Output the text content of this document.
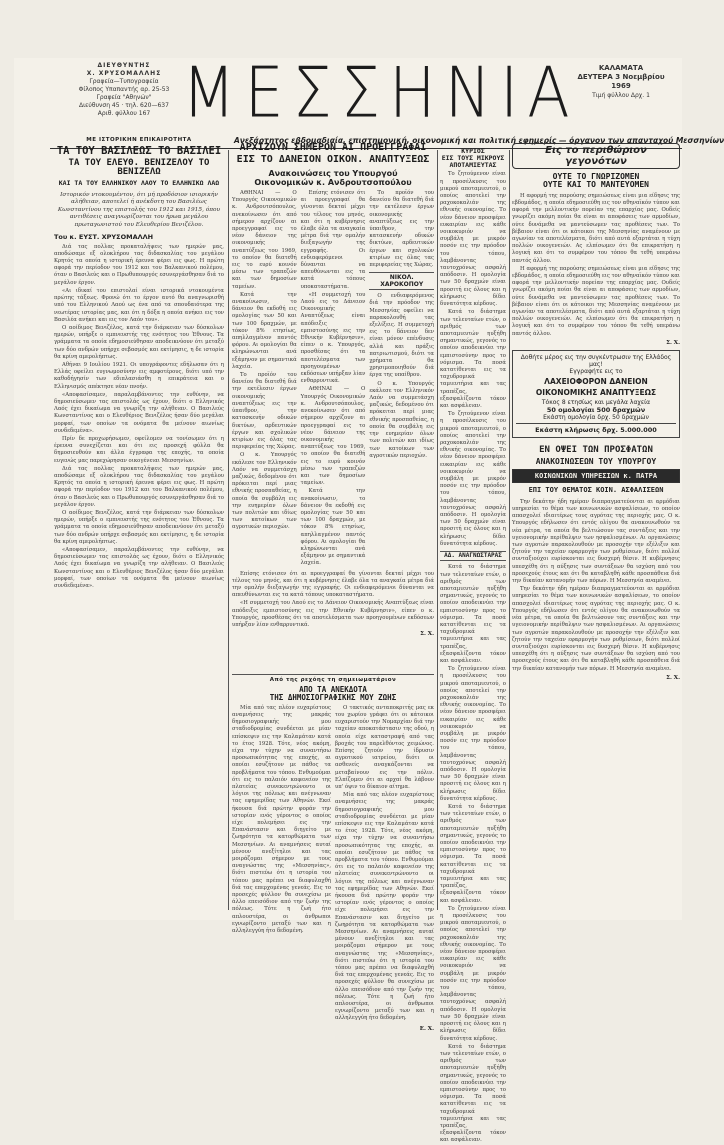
ΔΙΕΥΘΥΝΤΗΣ
Χ. ΧΡΥΣΟΜΑΛΛΗΣ
Γραφεία—Τυπογραφεία
Φίλοπος Υπαπαντής αρ. 25-53
Γραφεία "Αθηνών"
Διεύθυνση 45 · τηλ. 620—637
Αριθ. φύλλου 167 ΜΕΣΣΗΝΙΑ	ΚΑΛΑΜΑΤΑ
ΔΕΥΤΕΡΑ 3 Νοεμβρίου
1969
Τιμή φύλλου Δρχ. 1
Ανεξάρτητος εβδομαδιαία, επιστημονική, οικονομική και πολιτική εφημερίς — όργανον των απανταχού Μεσσηνίων
ΜΕ ΙΣΤΟΡΙΚΗΝ ΕΠΙΚΑΙΡΟΤΗΤΑ
ΤΑ ΤΟΥ ΒΑΣΙΛΕΩΣ ΤΟ ΒΑΣΙΛΕΙ
ΤΑ ΤΟΥ ΕΛΕΥΘ. ΒΕΝΙΖΕΛΟΥ ΤΟ ΒΕΝΙΖΕΛΩ
ΚΑΙ ΤΑ ΤΟΥ ΕΛΛΗΝΙΚΟΥ ΛΑΟΥ ΤΟ ΕΛΛΗΝΙΚΩ ΛΑΩ
Ιστορικόν ντοκουμέντον, ότι μή προδόσιον ισιορικήν αλήθειαν, αποτελεί ή ανέκδοτη του Βασιλέως Κωνσταντίνου της επιστολής του 1912 και 1915, όπου αντιθέσεις αναγνωρίζονται του ήρωα μεγάλου πρωταγωνιστού του Ελευθερίου Βενιζέλου.
Του κ. ΕΥΣΤ. ΧΡΥΣΟΜΑΛΛΗ

Διά τας πολλας προκαταλήψεις των ημερών μας, αποδώσαμε εξ ολοκλήρου τας διδασκαλίας του μεγάλου Κρητός τα οποία η ιστορική έρευνα φέρει εις φως. Η πρώτη αφορά την περίοδον του 1912 και του Βαλκανικού πολέμου, όταν ο Βασιλεύς και ο Πρωθυπουργός εσυνεργάσθησαν διά το μεγάλον έργον.

«Αι ιδικαί του επιστολαί είναι ιστορικά ντοκουμέντα πρώτης τάξεως. Φρονώ ότι το έργον αυτό θα αναγνωρισθή υπό του Ελληνικού Λαού ως ένα από τα σπουδαιότερα της νεωτέρας ιστορίας μας, και ότι η δόξα η οποία ανήκει εις τον Βασιλέα ανήκει και εις τον Λαόν του».

Ο αοίδιμος Βενιζέλος, κατά την διάρκειαν των δύσκολων ημερών, υπήρξε ο εμπνευστής της ενότητος του Έθνους. Τα γράμματα τα οποία εδημοσιεύθησαν αποδεικνύουν ότι μεταξύ των δύο ανδρών υπήρχε σεβασμός και εκτίμησις, η δε ιστορία θα κρίνη αμερολήπτως.

Αθήναι 9 Ιουλίου 1921. Οι υπογράφοντες εδήλωσαν ότι η Ελλάς οφείλει ευγνωμοσύνην εις αμφοτέρους, διότι υπό την καθοδήγησίν των εδιπλασιάσθη η επικράτεια και ο Ελληνισμός απέκτησε νέαν πνοήν.

«Αποφασίσαμεν, παραλαμβάνοντες την ευθύνην, να δημοσιεύσωμεν τας επιστολάς ως έχουν, διότι ο Ελληνικός Λαός έχει δικαίωμα να γνωρίζη την αλήθειαν. Ο Βασιλεύς Κωνσταντίνος και ο Ελευθέριος Βενιζέλος ήσαν δύο μεγάλαι μορφαί, των οποίων τα ονόματα θα μείνουν αιωνίως συνδεδεμένα».

Πρίν δε προχωρήσωμεν, οφείλομεν να τονίσωμεν ότι η έρευνα συνεχίζεται και ότι εις προσεχή φύλλα θα δημοσιευθούν και άλλα έγγραφα της εποχής, τα οποία ευγενώς μας παρεχώρησαν οικογένειαι Μεσσηνίων.

Διά τας πολλας προκαταλήψεις των ημερών μας, αποδώσαμε εξ ολοκλήρου τας διδασκαλίας του μεγάλου Κρητός τα οποία η ιστορική έρευνα φέρει εις φως. Η πρώτη αφορά την περίοδον του 1912 και του Βαλκανικού πολέμου, όταν ο Βασιλεύς και ο Πρωθυπουργός εσυνεργάσθησαν διά το μεγάλον έργον.

Ο αοίδιμος Βενιζέλος, κατά την διάρκειαν των δύσκολων ημερών, υπήρξε ο εμπνευστής της ενότητος του Έθνους. Τα γράμματα τα οποία εδημοσιεύθησαν αποδεικνύουν ότι μεταξύ των δύο ανδρών υπήρχε σεβασμός και εκτίμησις, η δε ιστορία θα κρίνη αμερολήπτως.

«Αποφασίσαμεν, παραλαμβάνοντες την ευθύνην, να δημοσιεύσωμεν τας επιστολάς ως έχουν, διότι ο Ελληνικός Λαός έχει δικαίωμα να γνωρίζη την αλήθειαν. Ο Βασιλεύς Κωνσταντίνος και ο Ελευθέριος Βενιζέλος ήσαν δύο μεγάλαι μορφαί, των οποίων τα ονόματα θα μείνουν αιωνίως συνδεδεμένα».

ΑΡΧΙΖΟΥΝ ΣΗΜΕΡΟΝ ΑΙ ΠΡΟΕΓΓΡΑΦΑΙ
ΕΙΣ ΤΟ ΔΑΝΕΙΟΝ ΟΙΚΟΝ. ΑΝΑΠΤΥΞΕΩΣ
Ανακοινώσεις του Υπουργού
Οικονομικών κ. Ανδρουτσοπούλου

ΑΘΗΝΑΙ — Ο Υπουργός Οικονομικών κ. Ανδρουτσόπουλος, ανεκοίνωσεν ότι από σήμερον αρχίζουν αι προεγγραφαί εις το νέον δάνειον της οικονομικής αναπτύξεως του 1969, το οποίον θα διατεθή εις το ευρύ κοινόν μέσω των τραπεζών και των δημοσίων ταμείων.

Κατά την ανακοίνωσιν, το δάνειον θα εκδοθή εις ομολογίας των 50 και των 100 δραχμών, με τόκον 8% ετησίως, απηλλαγμένον παντός φόρου. Αι ομολογίαι θα κληρώνωνται ανά εξάμηνον με σημαντικά λαχεία.

Το προϊόν του δανείου θα διατεθή διά την εκτέλεσιν έργων οικονομικής αναπτύξεως εις την ύπαιθρον, την κατασκευήν οδικών δικτύων, αρδευτικών έργων και σχολικών κτιρίων εις όλας τας περιφερείας της Χώρας.

Ο κ. Υπουργός εκάλεσε τον Ελληνικόν Λαόν να συμμετάσχη μαζικώς, δεδομένου ότι πρόκειται περί μιας εθνικής προσπαθείας, η οποία θα συμβάλη εις την ευημερίαν όλων των πολιτών και ιδίως των κατοίκων των αγροτικών περιοχών.

Επίσης ετόνισεν ότι αι προεγγραφαί θα γίνονται δεκταί μέχρι του τέλους του μηνός, και ότι η κυβέρνησις έλαβε όλα τα αναγκαία μέτρα διά την ομαλήν διεξαγωγήν της εγγραφής. Οι ενδιαφερόμενοι δύνανται να απευθύνωνται εις τα κατά τόπους υποκαταστήματα.

«Η συμμετοχή του Λαού εις το Δάνειον Οικονομικής Αναπτύξεως είναι απόδειξις εμπιστοσύνης εις την Εθνικήν Κυβέρνησιν», είπεν ο κ. Υπουργός, προσθέσας ότι τα αποτελέσματα των προηγουμένων εκδόσεων υπήρξαν λίαν ενθαρρυντικά.

ΑΘΗΝΑΙ — Ο Υπουργός Οικονομικών κ. Ανδρουτσόπουλος, ανεκοίνωσεν ότι από σήμερον αρχίζουν αι προεγγραφαί εις το νέον δάνειον της οικονομικής αναπτύξεως του 1969, το οποίον θα διατεθή εις το ευρύ κοινόν μέσω των τραπεζών και των δημοσίων ταμείων.

Κατά την ανακοίνωσιν, το δάνειον θα εκδοθή εις ομολογίας των 50 και των 100 δραχμών, με τόκον 8% ετησίως, απηλλαγμένον παντός φόρου. Αι ομολογίαι θα κληρώνωνται ανά εξάμηνον με σημαντικά λαχεία.

Το προϊόν του δανείου θα διατεθή διά την εκτέλεσιν έργων οικονομικής αναπτύξεως εις την ύπαιθρον, την κατασκευήν οδικών δικτύων, αρδευτικών έργων και σχολικών κτιρίων εις όλας τας περιφερείας της Χώρας.

ΝΙΚΟΛ. ΧΑΡΟΚΟΠΟΥ

Ο ενδιαφερόμενος διά την πρόοδον της Μεσσηνίας οφείλει να παρακολουθή τας εξελίξεις. Η συμμετοχή εις το δάνειον δεν είναι μόνον επένδυσις αλλά και πράξις πατριωτισμού, διότι τα χρήματα θα χρησιμοποιηθούν διά έργα της υπαίθρου.

Ο κ. Υπουργός εκάλεσε τον Ελληνικόν Λαόν να συμμετάσχη μαζικώς, δεδομένου ότι πρόκειται περί μιας εθνικής προσπαθείας, η οποία θα συμβάλη εις την ευημερίαν όλων των πολιτών και ιδίως των κατοίκων των αγροτικών περιοχών.

Επίσης ετόνισεν ότι αι προεγγραφαί θα γίνονται δεκταί μέχρι του τέλους του μηνός, και ότι η κυβέρνησις έλαβε όλα τα αναγκαία μέτρα διά την ομαλήν διεξαγωγήν της εγγραφής. Οι ενδιαφερόμενοι δύνανται να απευθύνωνται εις τα κατά τόπους υποκαταστήματα.

«Η συμμετοχή του Λαού εις το Δάνειον Οικονομικής Αναπτύξεως είναι απόδειξις εμπιστοσύνης εις την Εθνικήν Κυβέρνησιν», είπεν ο κ. Υπουργός, προσθέσας ότι τα αποτελέσματα των προηγουμένων εκδόσεων υπήρξαν λίαν ενθαρρυντικά.

Σ. Χ.
ΚΥΡΙΟΣ
ΕΙΣ ΤΟΥΣ ΜΙΚΡΟΥΣ
ΑΠΟΤΑΜΙΕΥΤΑΣ

Το ζητούμενον είναι η προσέλκυσις του μικρού αποταμιευτού, ο οποίος αποτελεί την ραχοκοκαλιάν της εθνικής οικονομίας. Το νέον δάνειον προσφέρει ευκαιρίαν εις κάθε νοικοκυριόν να συμβάλη με μικρόν ποσόν εις την πρόοδον του τόπου, λαμβάνοντας ταυτοχρόνως ασφαλή απόδοσιν. Η ομολογία των 50 δραχμών είναι προσιτή εις όλους και η κλήρωσις δίδει δυνατότητα κέρδους.

Κατά το διάστημα των τελευταίων ετών, ο αριθμός των αποταμιευτών ηυξήθη σημαντικώς, γεγονός το οποίον αποδεικνύει την εμπιστοσύνην προς το νόμισμα. Τα ποσά κατατίθενται εις τα ταχυδρομικά ταμιευτήρια και τας τραπέζας, εξασφαλίζοντα τόκον και ασφάλειαν.

Το ζητούμενον είναι η προσέλκυσις του μικρού αποταμιευτού, ο οποίος αποτελεί την ραχοκοκαλιάν της εθνικής οικονομίας. Το νέον δάνειον προσφέρει ευκαιρίαν εις κάθε νοικοκυριόν να συμβάλη με μικρόν ποσόν εις την πρόοδον του τόπου, λαμβάνοντας ταυτοχρόνως ασφαλή απόδοσιν. Η ομολογία των 50 δραχμών είναι προσιτή εις όλους και η κλήρωσις δίδει δυνατότητα κέρδους.

ΑΔ. ΑΝΑΓΝΩΣΤΑΡΑΣ

Κατά το διάστημα των τελευταίων ετών, ο αριθμός των αποταμιευτών ηυξήθη σημαντικώς, γεγονός το οποίον αποδεικνύει την εμπιστοσύνην προς το νόμισμα. Τα ποσά κατατίθενται εις τα ταχυδρομικά ταμιευτήρια και τας τραπέζας, εξασφαλίζοντα τόκον και ασφάλειαν.

Το ζητούμενον είναι η προσέλκυσις του μικρού αποταμιευτού, ο οποίος αποτελεί την ραχοκοκαλιάν της εθνικής οικονομίας. Το νέον δάνειον προσφέρει ευκαιρίαν εις κάθε νοικοκυριόν να συμβάλη με μικρόν ποσόν εις την πρόοδον του τόπου, λαμβάνοντας ταυτοχρόνως ασφαλή απόδοσιν. Η ομολογία των 50 δραχμών είναι προσιτή εις όλους και η κλήρωσις δίδει δυνατότητα κέρδους.

Κατά το διάστημα των τελευταίων ετών, ο αριθμός των αποταμιευτών ηυξήθη σημαντικώς, γεγονός το οποίον αποδεικνύει την εμπιστοσύνην προς το νόμισμα. Τα ποσά κατατίθενται εις τα ταχυδρομικά ταμιευτήρια και τας τραπέζας, εξασφαλίζοντα τόκον και ασφάλειαν.

Το ζητούμενον είναι η προσέλκυσις του μικρού αποταμιευτού, ο οποίος αποτελεί την ραχοκοκαλιάν της εθνικής οικονομίας. Το νέον δάνειον προσφέρει ευκαιρίαν εις κάθε νοικοκυριόν να συμβάλη με μικρόν ποσόν εις την πρόοδον του τόπου, λαμβάνοντας ταυτοχρόνως ασφαλή απόδοσιν. Η ομολογία των 50 δραχμών είναι προσιτή εις όλους και η κλήρωσις δίδει δυνατότητα κέρδους.

Κατά το διάστημα των τελευταίων ετών, ο αριθμός των αποταμιευτών ηυξήθη σημαντικώς, γεγονός το οποίον αποδεικνύει την εμπιστοσύνην προς το νόμισμα. Τα ποσά κατατίθενται εις τα ταχυδρομικά ταμιευτήρια και τας τραπέζας, εξασφαλίζοντα τόκον και ασφάλειαν.

Εις το περιθώριον γεγονότων
ΟΥΤΕ ΤΟ ΓΝΩΡΙΖΟΜΕΝ
ΟΥΤΕ ΚΑΙ ΤΟ ΜΑΝΤΕΥΟΜΕΝ

Η αφορμή της παρούσης σημειώσεως είναι μια είδησις της εβδομάδος, η οποία εδημοσιεύθη εις τον αθηναϊκόν τύπον και αφορά την μελλοντικήν πορείαν της επαρχίας μας. Ουδείς γνωρίζει ακόμη ποίαι θα είναι αι αποφάσεις των αρμοδίων, ούτε δυνάμεθα να μαντεύσωμεν τας προθέσεις των. Το βέβαιον είναι ότι οι κάτοικοι της Μεσσηνίας αναμένουν με αγωνίαν τα αποτελέσματα, διότι από αυτά εξαρτάται η τύχη πολλών οικογενειών. Ας ελπίσωμεν ότι θα επικρατήση η λογική και ότι το συμφέρον του τόπου θα τεθή υπεράνω παντός άλλου.

Η αφορμή της παρούσης σημειώσεως είναι μια είδησις της εβδομάδος, η οποία εδημοσιεύθη εις τον αθηναϊκόν τύπον και αφορά την μελλοντικήν πορείαν της επαρχίας μας. Ουδείς γνωρίζει ακόμη ποίαι θα είναι αι αποφάσεις των αρμοδίων, ούτε δυνάμεθα να μαντεύσωμεν τας προθέσεις των. Το βέβαιον είναι ότι οι κάτοικοι της Μεσσηνίας αναμένουν με αγωνίαν τα αποτελέσματα, διότι από αυτά εξαρτάται η τύχη πολλών οικογενειών. Ας ελπίσωμεν ότι θα επικρατήση η λογική και ότι το συμφέρον του τόπου θα τεθή υπεράνω παντός άλλου.

Σ. Χ.
Δοθήτε μέρος εις την συγκέντρωσιν της Ελλάδος μας!
Εγγραφήτε εις το
ΛΑΧΕΙΟΦΟΡΟΝ ΔΑΝΕΙΟΝ
ΟΙΚΟΝΟΜΙΚΗΣ ΑΝΑΠΤΥΞΕΩΣ
Τόκος 8 ετησίως και μεγάλα λαχεία
50 ομολογίαι 500 δραχμών
Εκάστη ομολογία δρχ. 50 δραχμών
Εκάστη κλήρωσις δρχ. 5.000.000
ΕΝ ΟΨΕΙ ΤΩΝ ΠΡΟΣΦΑΤΩΝ
ΑΝΑΚΟΙΝΩΣΕΩΝ ΤΟΥ ΥΠΟΥΡΓΟΥ
ΚΟΙΝΩΝΙΚΩΝ ΥΠΗΡΕΣΙΩΝ κ. ΠΑΤΡΑ
ΕΠΙ ΤΟΥ ΘΕΜΑΤΟΣ ΚΟΙΝ. ΑΣΦΑΛΙΣΕΩΝ

Την δεκάτην ήδη ημέραν διαπραγματεύονται αι αρμόδιαι υπηρεσίαι το θέμα των κοινωνικών ασφαλίσεων, το οποίον απασχολεί ιδιαιτέρως τους αγρότας της περιοχής μας. Ο κ. Υπουργός εδήλωσεν ότι εντός ολίγου θα ανακοινωθούν τα νέα μέτρα, τα οποία θα βελτιώσουν τας συντάξεις και την υγειονομικήν περίθαλψιν των ησφαλισμένων. Αι οργανώσεις των αγροτών παρακολουθούν με προσοχήν την εξέλιξιν και ζητούν την ταχείαν εφαρμογήν των ρυθμίσεων, διότι πολλοί συνταξιούχοι ευρίσκονται εις δυσχερή θέσιν. Η κυβέρνησις υπεσχέθη ότι η αύξησις των συντάξεων θα ισχύση από του προσεχούς έτους και ότι θα καταβληθή κάθε προσπάθεια διά την δικαίαν κατανομήν των πόρων. Η Μεσσηνία αναμένει.

Την δεκάτην ήδη ημέραν διαπραγματεύονται αι αρμόδιαι υπηρεσίαι το θέμα των κοινωνικών ασφαλίσεων, το οποίον απασχολεί ιδιαιτέρως τους αγρότας της περιοχής μας. Ο κ. Υπουργός εδήλωσεν ότι εντός ολίγου θα ανακοινωθούν τα νέα μέτρα, τα οποία θα βελτιώσουν τας συντάξεις και την υγειονομικήν περίθαλψιν των ησφαλισμένων. Αι οργανώσεις των αγροτών παρακολουθούν με προσοχήν την εξέλιξιν και ζητούν την ταχείαν εφαρμογήν των ρυθμίσεων, διότι πολλοί συνταξιούχοι ευρίσκονται εις δυσχερή θέσιν. Η κυβέρνησις υπεσχέθη ότι η αύξησις των συντάξεων θα ισχύση από του προσεχούς έτους και ότι θα καταβληθή κάθε προσπάθεια διά την δικαίαν κατανομήν των πόρων. Η Μεσσηνία αναμένει.

Σ. Χ.
Από της ρεχόης τη σημειωματάριον
ΑΠΟ ΤΑ ΑΝΕΚΔΟΤΑ
ΤΗΣ ΔΗΜΟΣΙΟΓΡΑΦΙΚΗΣ ΜΟΥ ΖΩΗΣ

Μία από τας πλέον ευχαρίστους αναμνήσεις της μακράς δημοσιογραφικής μου σταδιοδρομίας συνδέεται με μίαν επίσκεψιν εις την Καλαμάταν κατά το έτος 1928. Τότε, νέος ακόμη, είχα την τύχην να συναντήσω προσωπικότητας της εποχής, αι οποίαι εσυζήτουν με πάθος τα προβλήματα του τόπου. Ενθυμούμαι ότι εις το παλαιόν καφενείον της πλατείας συνεκεντρώνοντο οι λόγιοι της πόλεως και ανέγνωναν τας εφημερίδας των Αθηνών. Εκεί ήκουσα διά πρώτην φοράν την ιστορίαν ενός γέροντος ο οποίος είχε πολεμήσει εις την Επανάστασιν και διηγείτο με ζωηρότητα τα κατορθώματα των Μεσσηνίων. Αι αναμνήσεις αυταί μένουν ανεξίτηλοι και τας μοιράζομαι σήμερον με τους αναγνώστας της «Μεσσηνίας», διότι πιστεύω ότι η ιστορία του τόπου μας πρέπει να διαφυλαχθή διά τας επερχομένας γενεάς. Εις το προσεχές φύλλον θα συνεχίσω με άλλο επεισόδιον από την ζωήν της πόλεως. Τότε η ζωή ήτο απλουστέρα, οι άνθρωποι εγνωρίζοντο μεταξύ των και η αλληλεγγύη ήτο δεδομένη.

Ο τακτικός ανταποκριτής μας εκ του χωρίου γράφει ότι οι κάτοικοι ευχαριστούν την Νομαρχίαν διά την ταχείαν αποκατάστασιν της οδού, η οποία είχε καταστραφή από τας βροχάς του παρελθόντος χειμώνος. Επίσης ζητούν την ίδρυσιν αγροτικού ιατρείου, διότι οι ασθενείς αναγκάζονται να μεταβαίνουν εις την πόλιν. Ελπίζομεν ότι αι αρχαί θα λάβουν υπ' όψιν το δίκαιον αίτημα.

Μία από τας πλέον ευχαρίστους αναμνήσεις της μακράς δημοσιογραφικής μου σταδιοδρομίας συνδέεται με μίαν επίσκεψιν εις την Καλαμάταν κατά το έτος 1928. Τότε, νέος ακόμη, είχα την τύχην να συναντήσω προσωπικότητας της εποχής, αι οποίαι εσυζήτουν με πάθος τα προβλήματα του τόπου. Ενθυμούμαι ότι εις το παλαιόν καφενείον της πλατείας συνεκεντρώνοντο οι λόγιοι της πόλεως και ανέγνωναν τας εφημερίδας των Αθηνών. Εκεί ήκουσα διά πρώτην φοράν την ιστορίαν ενός γέροντος ο οποίος είχε πολεμήσει εις την Επανάστασιν και διηγείτο με ζωηρότητα τα κατορθώματα των Μεσσηνίων. Αι αναμνήσεις αυταί μένουν ανεξίτηλοι και τας μοιράζομαι σήμερον με τους αναγνώστας της «Μεσσηνίας», διότι πιστεύω ότι η ιστορία του τόπου μας πρέπει να διαφυλαχθή διά τας επερχομένας γενεάς. Εις το προσεχές φύλλον θα συνεχίσω με άλλο επεισόδιον από την ζωήν της πόλεως. Τότε η ζωή ήτο απλουστέρα, οι άνθρωποι εγνωρίζοντο μεταξύ των και η αλληλεγγύη ήτο δεδομένη.

Ε. Χ.
